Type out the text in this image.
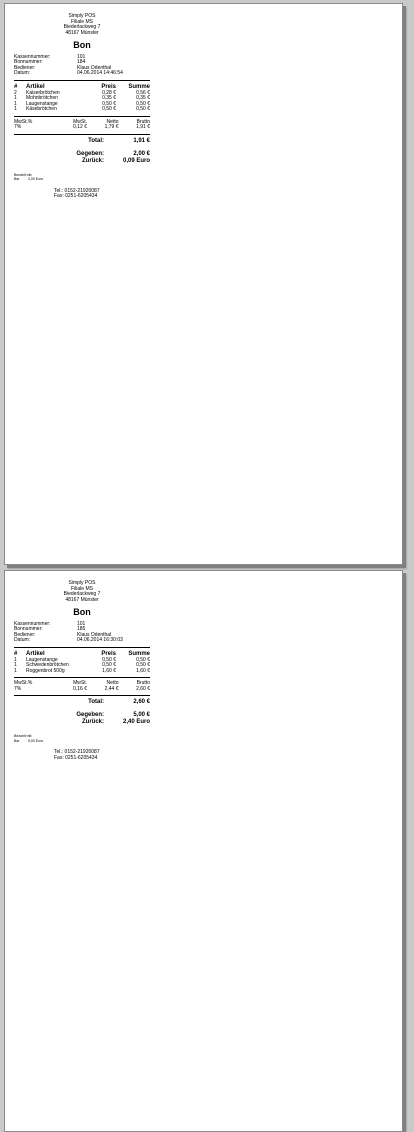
Simply POS
Filiale MS
Biederlackweg 7
48167 Münster
Bon
Kassennummer:	101
Bonnummer:	184
Bediener:	Klaus Odenthal
Datum:	04.06.2014 14:46:54
#	Artikel	Preis	Summe
2	Kaiserbrötchen	0,28 €	0,56 €
1	Mohnbrötchen	0,35 €	0,35 €
1	Laugenstange	0,50 €	0,50 €
1	Käsebrötchen	0,50 €	0,50 €
MwSt.%	MwSt.	Netto	Brutto
7%	0,12 €	1,79 €	1,91 €
Total:	1,91 €
Gegeben:	2,00 €
Zurück:	0,09 Euro
Bezahlt mit:
Bar	2,00 Euro
Tel.: 0152-21920087
Fax: 0251-6205434
Simply POS
Filiale MS
Biederlackweg 7
48167 Münster
Bon
Kassennummer:	101
Bonnummer:	185
Bediener:	Klaus Odenthal
Datum:	04.06.2014 16:30:03
#	Artikel	Preis	Summe
1	Laugenstange	0,50 €	0,50 €
1	Schwedenbrötchen	0,50 €	0,50 €
1	Roggenbrot 500g	1,60 €	1,60 €
MwSt.%	MwSt.	Netto	Brutto
7%	0,16 €	2,44 €	2,60 €
Total:	2,60 €
Gegeben:	5,00 €
Zurück:	2,40 Euro
Bezahlt mit:
Bar	5,00 Euro
Tel.: 0152-21920087
Fax: 0251-6205434
